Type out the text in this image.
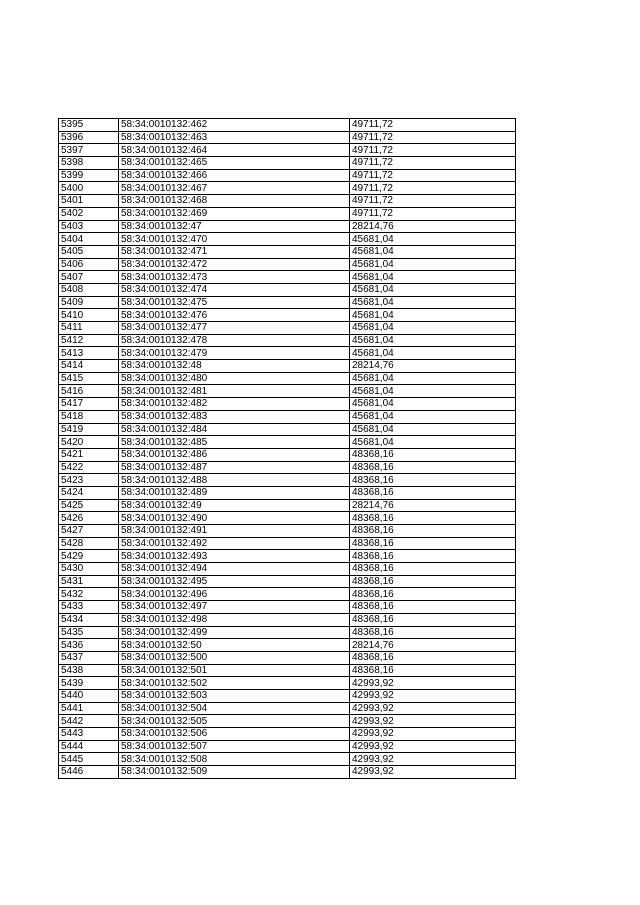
5395	58:34:0010132:462	49711,72
5396	58:34:0010132:463	49711,72
5397	58:34:0010132:464	49711,72
5398	58:34:0010132:465	49711,72
5399	58:34:0010132:466	49711,72
5400	58:34:0010132:467	49711,72
5401	58:34:0010132:468	49711,72
5402	58:34:0010132:469	49711,72
5403	58:34:0010132:47	28214,76
5404	58:34:0010132:470	45681,04
5405	58:34:0010132:471	45681,04
5406	58:34:0010132:472	45681,04
5407	58:34:0010132:473	45681,04
5408	58:34:0010132:474	45681,04
5409	58:34:0010132:475	45681,04
5410	58:34:0010132:476	45681,04
5411	58:34:0010132:477	45681,04
5412	58:34:0010132:478	45681,04
5413	58:34:0010132:479	45681,04
5414	58:34:0010132:48	28214,76
5415	58:34:0010132:480	45681,04
5416	58:34:0010132:481	45681,04
5417	58:34:0010132:482	45681,04
5418	58:34:0010132:483	45681,04
5419	58:34:0010132:484	45681,04
5420	58:34:0010132:485	45681,04
5421	58:34:0010132:486	48368,16
5422	58:34:0010132:487	48368,16
5423	58:34:0010132:488	48368,16
5424	58:34:0010132:489	48368,16
5425	58:34:0010132:49	28214,76
5426	58:34:0010132:490	48368,16
5427	58:34:0010132:491	48368,16
5428	58:34:0010132:492	48368,16
5429	58:34:0010132:493	48368,16
5430	58:34:0010132:494	48368,16
5431	58:34:0010132:495	48368,16
5432	58:34:0010132:496	48368,16
5433	58:34:0010132:497	48368,16
5434	58:34:0010132:498	48368,16
5435	58:34:0010132:499	48368,16
5436	58:34:0010132:50	28214,76
5437	58:34:0010132:500	48368,16
5438	58:34:0010132:501	48368,16
5439	58:34:0010132:502	42993,92
5440	58:34:0010132:503	42993,92
5441	58:34:0010132:504	42993,92
5442	58:34:0010132:505	42993,92
5443	58:34:0010132:506	42993,92
5444	58:34:0010132:507	42993,92
5445	58:34:0010132:508	42993,92
5446	58:34:0010132:509	42993,92
